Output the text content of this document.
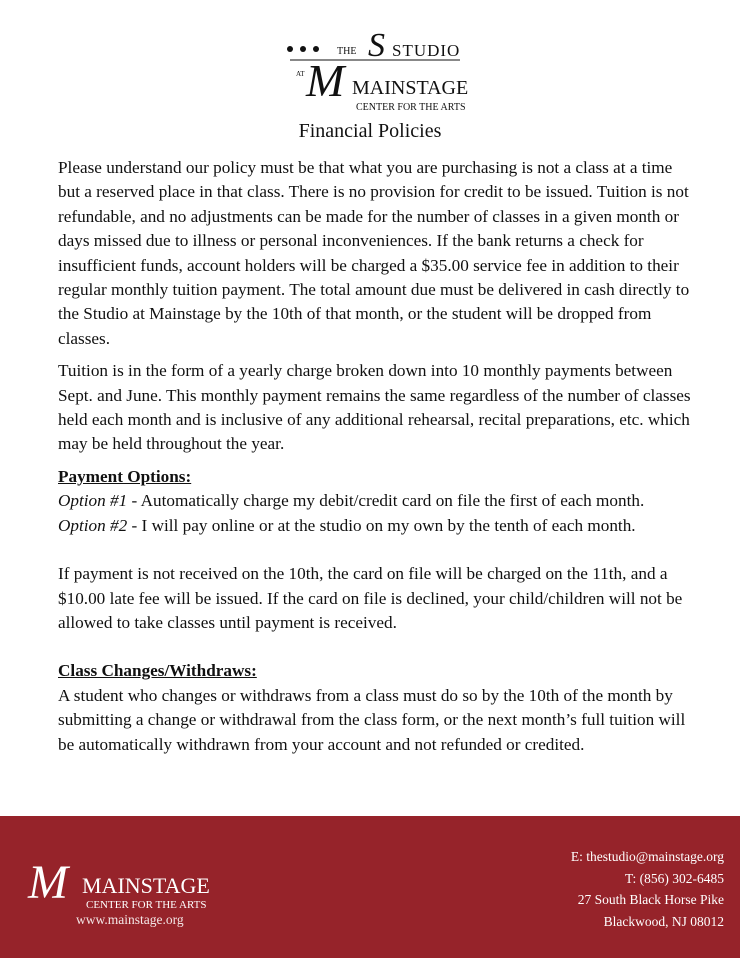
THE S STUDIO
AT M MAINSTAGE
CENTER FOR THE ARTS
Financial Policies

Please understand our policy must be that what you are purchasing is not a class at a time but a reserved place in that class. There is no provision for credit to be issued. Tuition is not refundable, and no adjustments can be made for the number of classes in a given month or days missed due to illness or personal inconveniences. If the bank returns a check for insufficient funds, account holders will be charged a $35.00 service fee in addition to their regular monthly tuition payment. The total amount due must be delivered in cash directly to the Studio at Mainstage by the 10th of that month, or the student will be dropped from classes.

Tuition is in the form of a yearly charge broken down into 10 monthly payments between Sept. and June. This monthly payment remains the same regardless of the number of classes held each month and is inclusive of any additional rehearsal, recital preparations, etc. which may be held throughout the year.

Payment Options:

Option #1 - Automatically charge my debit/credit card on file the first of each month.

Option #2 - I will pay online or at the studio on my own by the tenth of each month.

If payment is not received on the 10th, the card on file will be charged on the 11th, and a $10.00 late fee will be issued. If the card on file is declined, your child/children will not be allowed to take classes until payment is received.

Class Changes/Withdraws:

A student who changes or withdraws from a class must do so by the 10th of the month by submitting a change or withdrawal from the class form, or the next month’s full tuition will be automatically withdrawn from your account and not refunded or credited.

M MAINSTAGE
CENTER FOR THE ARTS
www.mainstage.org
E: thestudio@mainstage.org
T: (856) 302-6485
27 South Black Horse Pike
Blackwood, NJ 08012
